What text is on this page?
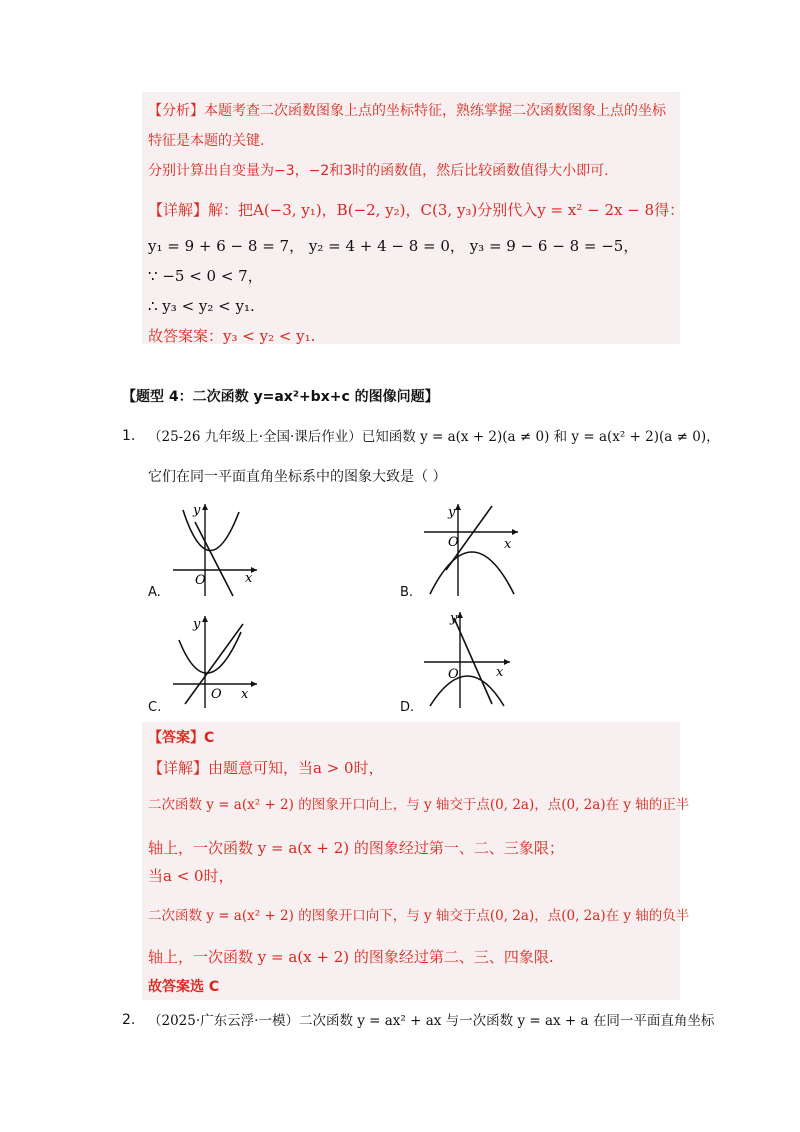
【分析】本题考查二次函数图象上点的坐标特征，熟练掌握二次函数图象上点的坐标
特征是本题的关键.
分别计算出自变量为−3，−2和3时的函数值，然后比较函数值得大小即可.
【详解】解：把A(−3, y₁)，B(−2, y₂)，C(3, y₃)分别代入y = x² − 2x − 8得：
y₁ = 9 + 6 − 8 = 7， y₂ = 4 + 4 − 8 = 0， y₃ = 9 − 6 − 8 = −5，
∵ −5 < 0 < 7，
∴ y₃ < y₂ < y₁.
故答案案：y₃ < y₂ < y₁.
【题型 4：二次函数 y=ax²+bx+c 的图像问题】
1. （25-26 九年级上·全国·课后作业）已知函数 y = a(x + 2)(a ≠ 0) 和 y = a(x² + 2)(a ≠ 0)，
它们在同一平面直角坐标系中的图象大致是（ ）
y
x
O
A.
y
x
O
B.
y
x
O
C.
y
x
O
D.
【答案】C
【详解】由题意可知，当a > 0时，
二次函数 y = a(x² + 2) 的图象开口向上，与 y 轴交于点(0, 2a)，点(0, 2a)在 y 轴的正半
轴上，一次函数 y = a(x + 2) 的图象经过第一、二、三象限；
当a < 0时，
二次函数 y = a(x² + 2) 的图象开口向下，与 y 轴交于点(0, 2a)，点(0, 2a)在 y 轴的负半
轴上，一次函数 y = a(x + 2) 的图象经过第二、三、四象限.
故答案选 C
2. （2025·广东云浮·一模）二次函数 y = ax² + ax 与一次函数 y = ax + a 在同一平面直角坐标
